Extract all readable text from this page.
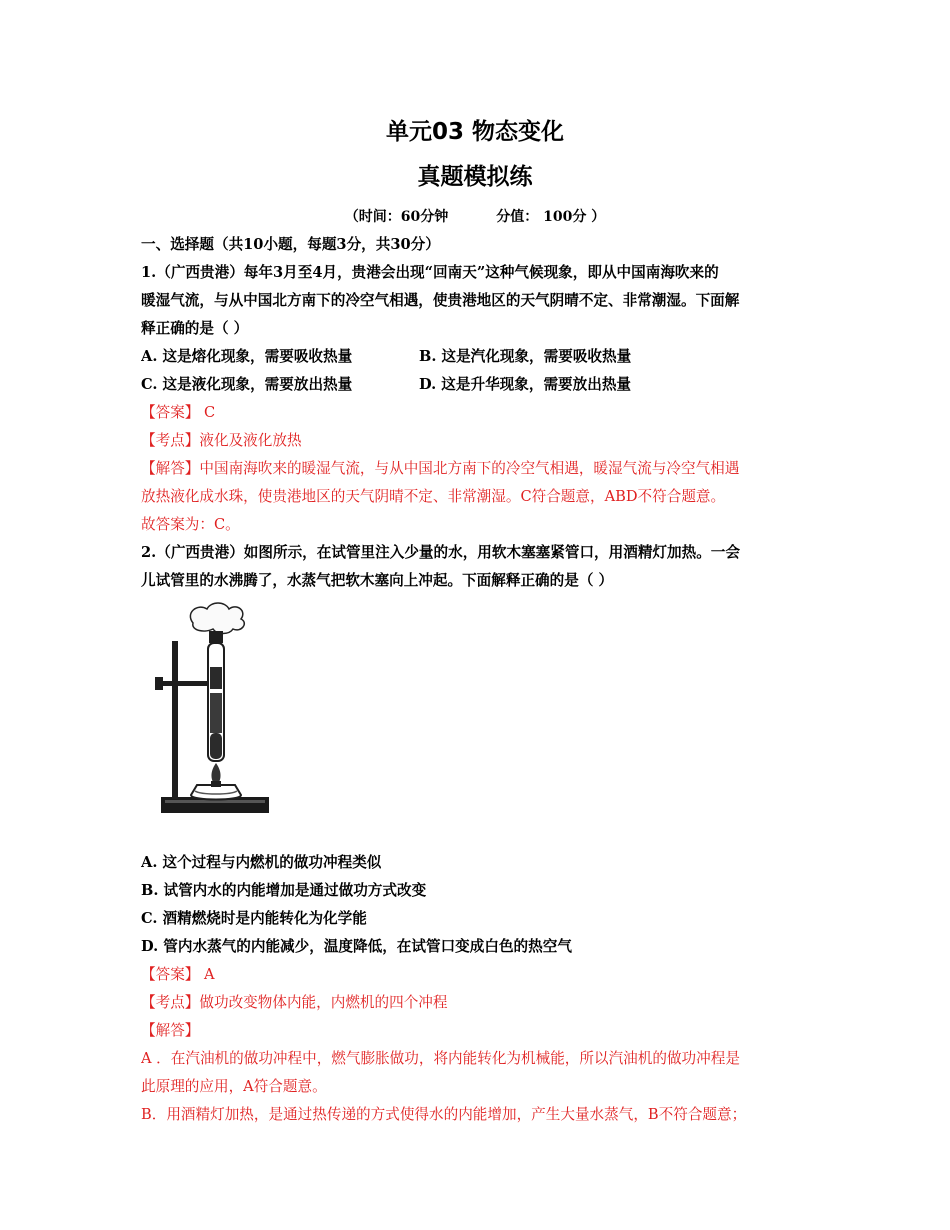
单元03 物态变化
真题模拟练
（时间：60分钟	分值： 100分 ）
一、选择题（共10小题，每题3分，共30分）
1.（广西贵港）每年3月至4月，贵港会出现“回南天”这种气候现象，即从中国南海吹来的
暖湿气流，与从中国北方南下的冷空气相遇，使贵港地区的天气阴晴不定、非常潮湿。下面解
释正确的是（ ）
A. 这是熔化现象，需要吸收热量	B. 这是汽化现象，需要吸收热量
C. 这是液化现象，需要放出热量	D. 这是升华现象，需要放出热量
【答案】 C
【考点】液化及液化放热
【解答】中国南海吹来的暖湿气流，与从中国北方南下的冷空气相遇，暖湿气流与冷空气相遇
放热液化成水珠，使贵港地区的天气阴晴不定、非常潮湿。C符合题意，ABD不符合题意。
故答案为：C。
2.（广西贵港）如图所示，在试管里注入少量的水，用软木塞塞紧管口，用酒精灯加热。一会
儿试管里的水沸腾了，水蒸气把软木塞向上冲起。下面解释正确的是（ ）
A. 这个过程与内燃机的做功冲程类似
B. 试管内水的内能增加是通过做功方式改变
C. 酒精燃烧时是内能转化为化学能
D. 管内水蒸气的内能减少，温度降低，在试管口变成白色的热空气
【答案】 A
【考点】做功改变物体内能，内燃机的四个冲程
【解答】
A ．在汽油机的做功冲程中，燃气膨胀做功，将内能转化为机械能，所以汽油机的做功冲程是
此原理的应用，A符合题意。
B．用酒精灯加热，是通过热传递的方式使得水的内能增加，产生大量水蒸气，B不符合题意；
